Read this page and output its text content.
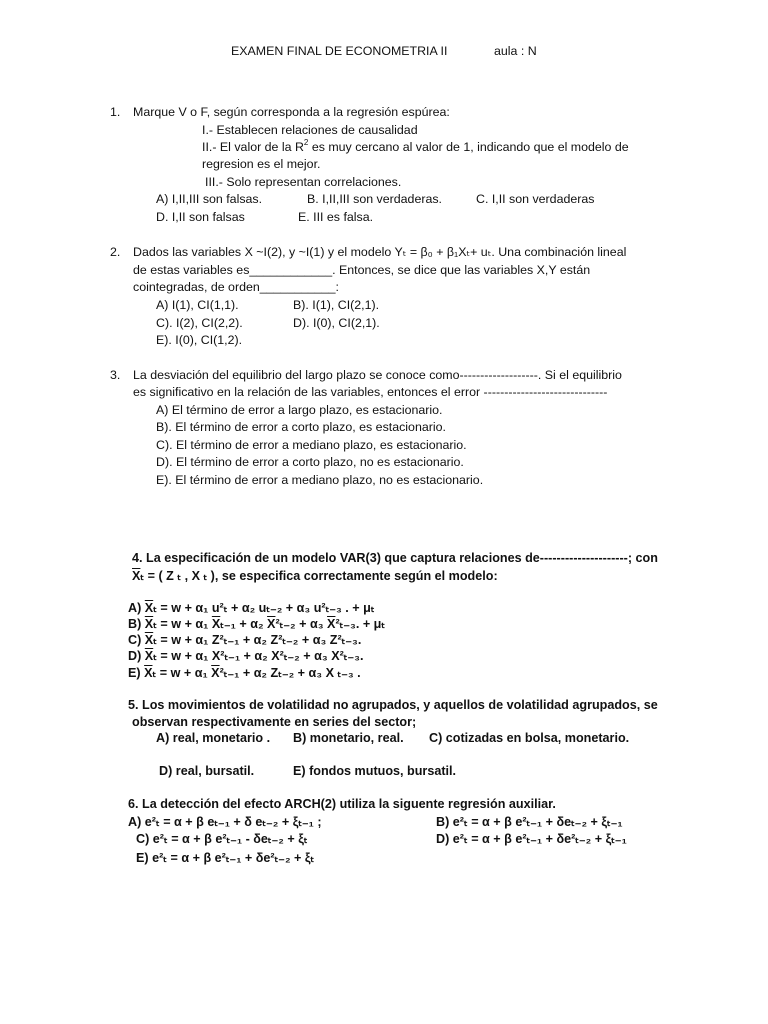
EXAMEN FINAL DE ECONOMETRIA II	aula : N
1. Marque V o F, según corresponda a la regresión espúrea:
I.- Establecen relaciones de causalidad
II.- El valor de la $R^2$ es muy cercano al valor de 1, indicando que el modelo de
regresion es el mejor.
III.- Solo representan correlaciones.
A) I,II,III son falsas.	B. I,II,III son verdaderas.	C. I,II son verdaderas
D. I,II son falsas	E. III es falsa.
2. Dados las variables X ~I(2), y ~I(1) y el modelo Yₜ = β₀ + β₁Xₜ+ uₜ. Una combinación lineal
de estas variables es____________. Entonces, se dice que las variables X,Y están
cointegradas, de orden___________:
A) I(1), CI(1,1).	B). I(1), CI(2,1).
C). I(2), CI(2,2).	D). I(0), CI(2,1).
E). I(0), CI(1,2).
3. La desviación del equilibrio del largo plazo se conoce como-------------------. Si el equilibrio
es significativo en la relación de las variables, entonces el error ------------------------------
A) El término de error a largo plazo, es estacionario.
B). El término de error a corto plazo, es estacionario.
C). El término de error a mediano plazo, es estacionario.
D). El término de error a corto plazo, no es estacionario.
E). El término de error a mediano plazo, no es estacionario.
4. La especificación de un modelo VAR(3) que captura relaciones de---------------------; con
$\overline{X}_t$ = ( Z ₜ , X ₜ ), se especifica correctamente según el modelo:
A) $\overline{X}_t = w + \alpha_1$ u²ₜ + α₂ uₜ₋₂ + α₃ u²ₜ₋₃ . + μₜ
B) $\overline{X}_t = w + \alpha_1$ $\overline{X}_{t-1} + \alpha_2$ $\overline{X}^2_{t-2} + \alpha_3$ $\overline{X}^2_{t-3}$. + μₜ
C) $\overline{X}_t = w + \alpha_1$ Z²ₜ₋₁ + α₂ Z²ₜ₋₂ + α₃ Z²ₜ₋₃.
D) $\overline{X}_t = w + \alpha_1$ X²ₜ₋₁ + α₂ X²ₜ₋₂ + α₃ X²ₜ₋₃.
E) $\overline{X}_t = w + \alpha_1$ $\overline{X}^2_{t-1} + \alpha_2$ Zₜ₋₂ + α₃ X ₜ₋₃ .
5. Los movimientos de volatilidad no agrupados, y aquellos de volatilidad agrupados, se
observan respectivamente en series del sector;
A) real, monetario . B) monetario, real. C) cotizadas en bolsa, monetario.
D) real, bursatil.	E) fondos mutuos, bursatil.
6. La detección del efecto ARCH(2) utiliza la siguente regresión auxiliar.
A) e²ₜ = α + β eₜ₋₁ + δ eₜ₋₂ + ξₜ₋₁ ;	B) e²ₜ = α + β e²ₜ₋₁ + δeₜ₋₂ + ξₜ₋₁
C) e²ₜ = α + β e²ₜ₋₁ - δeₜ₋₂ + ξₜ	D) e²ₜ = α + β e²ₜ₋₁ + δe²ₜ₋₂ + ξₜ₋₁
E) e²ₜ = α + β e²ₜ₋₁ + δe²ₜ₋₂ + ξₜ
